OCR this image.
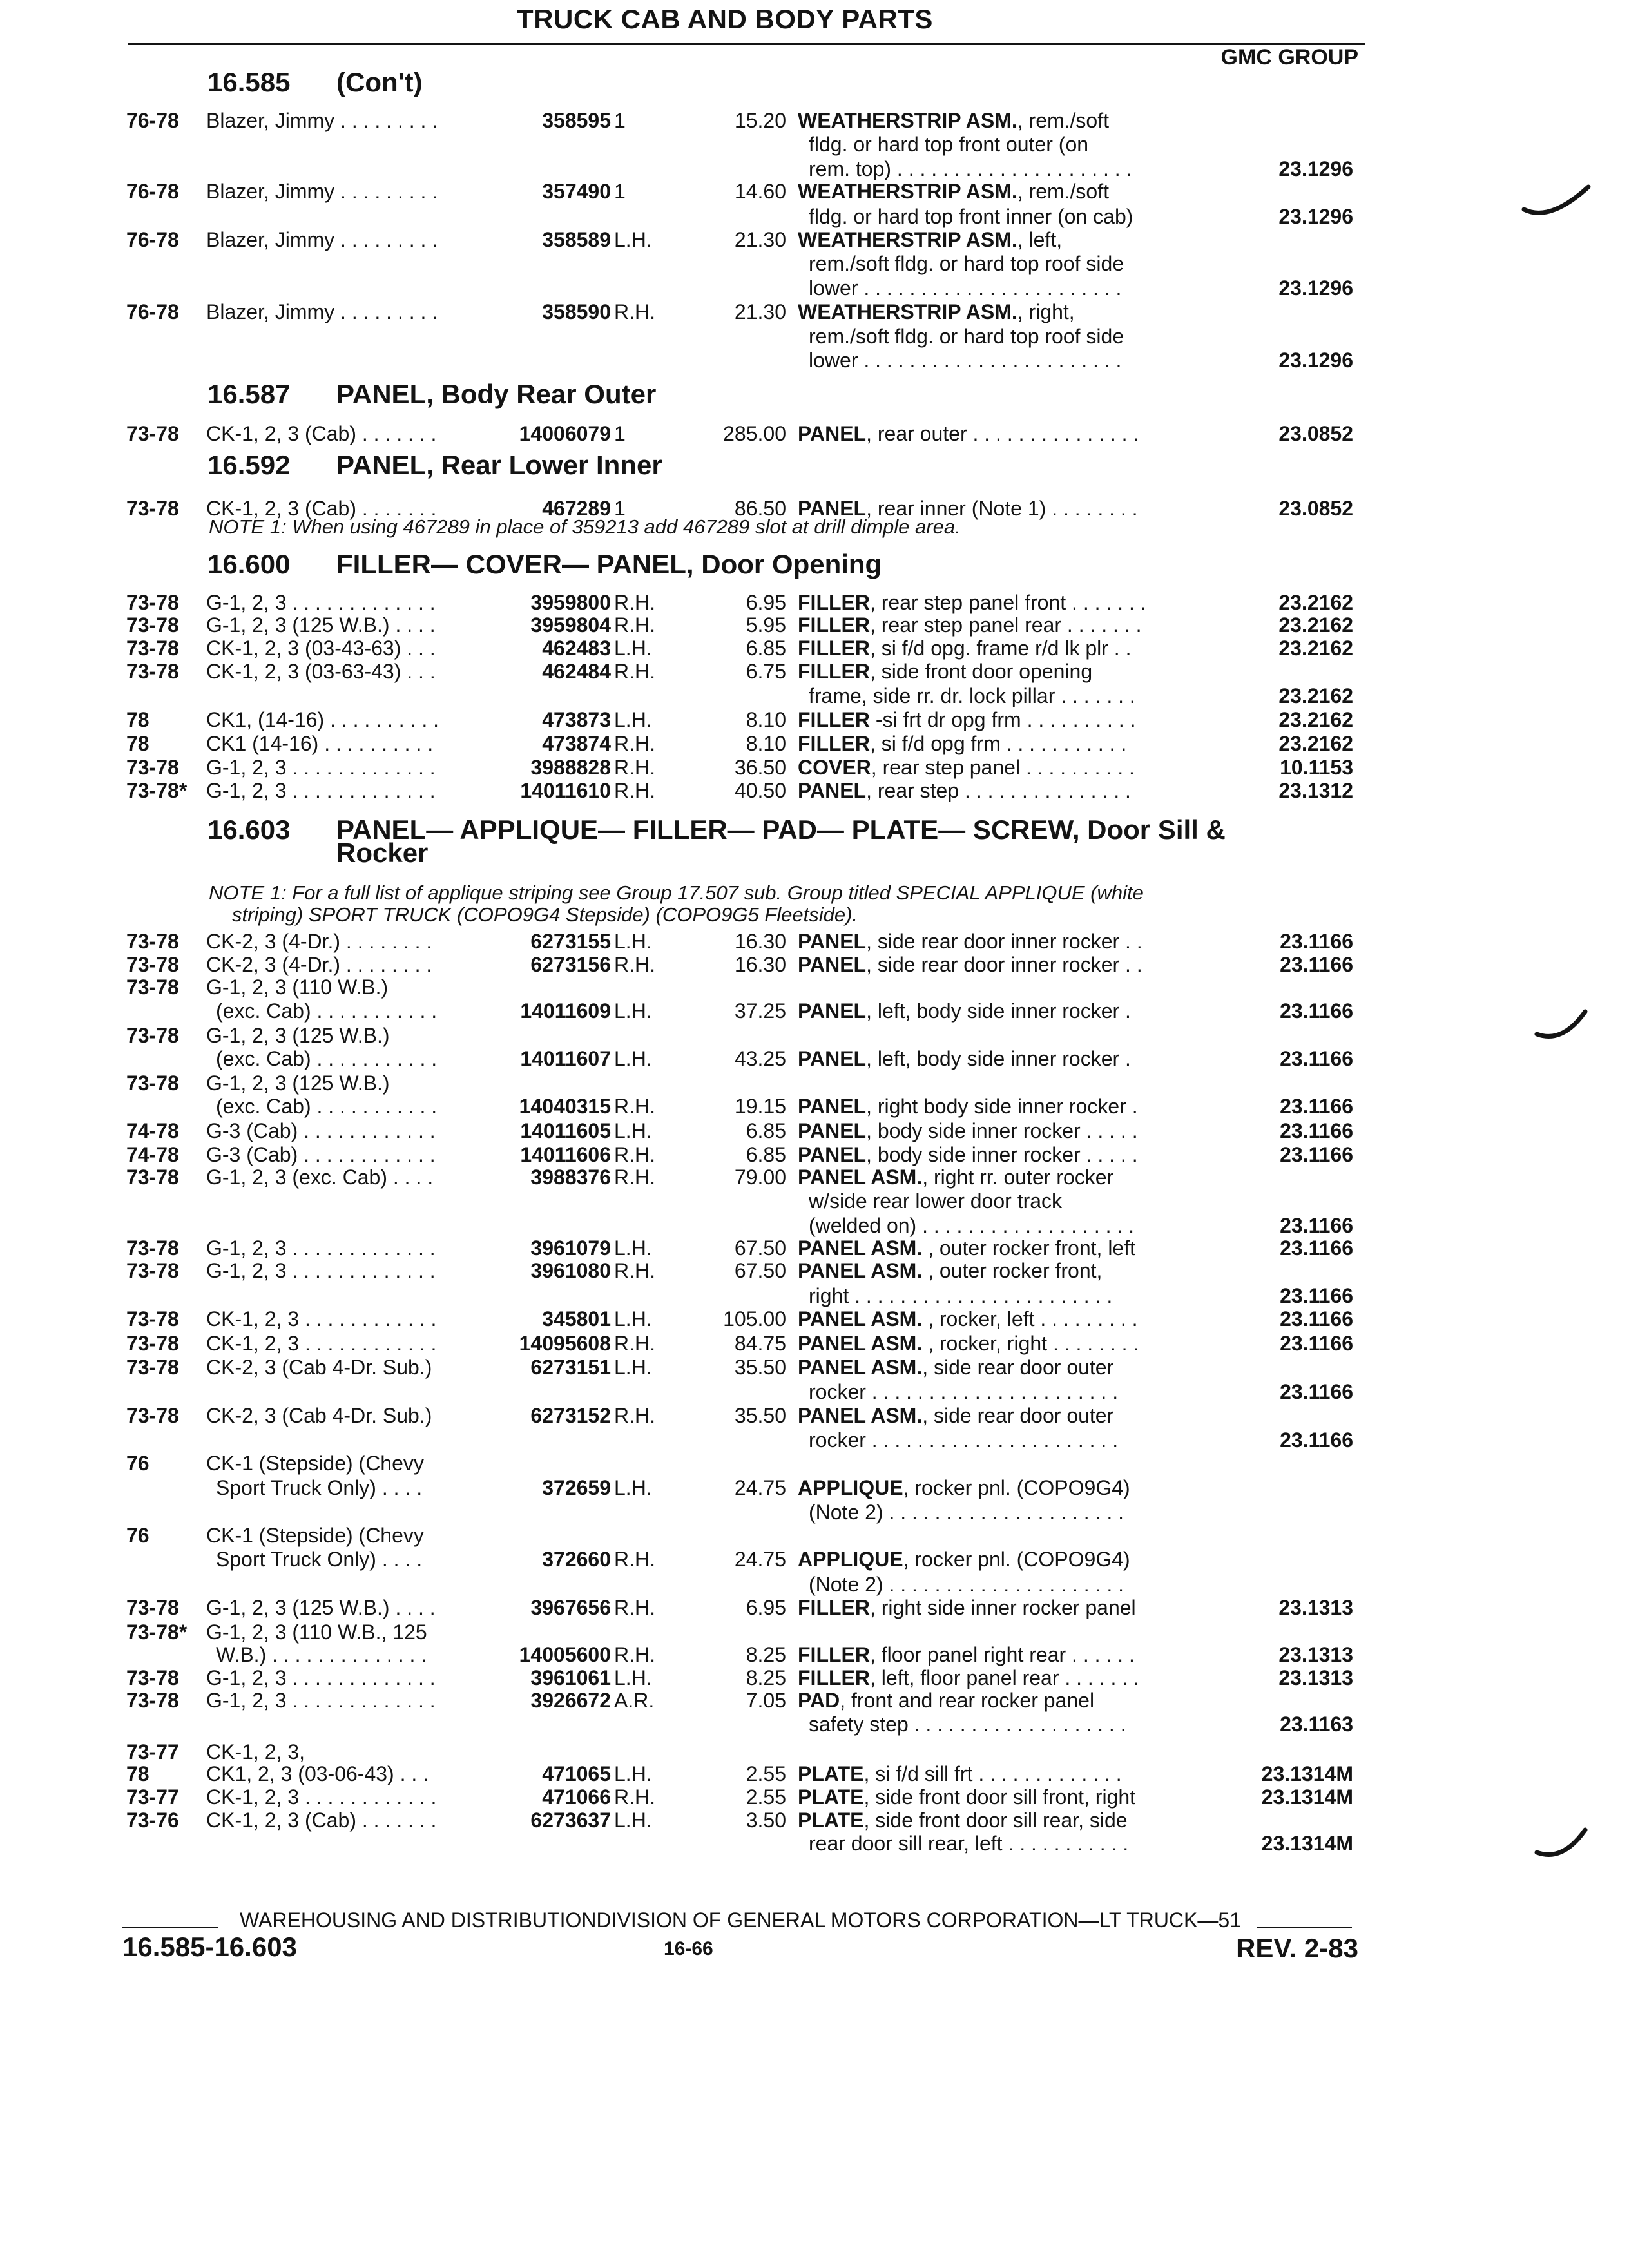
TRUCK CAB AND BODY PARTS
GMC GROUP
16.585 (Con't)
16.587 PANEL, Body Rear Outer
16.592 PANEL, Rear Lower Inner
NOTE 1: When using 467289 in place of 359213 add 467289 slot at drill dimple area.
16.600 FILLER— COVER— PANEL, Door Opening
16.603 PANEL— APPLIQUE— FILLER— PAD— PLATE— SCREW, Door Sill &
Rocker
NOTE 1: For a full list of applique striping see Group 17.507 sub. Group titled SPECIAL APPLIQUE (white
striping) SPORT TRUCK (COPO9G4 Stepside) (COPO9G5 Fleetside).
76-78 Blazer, Jimmy . . . . . . . . .	358595 1	15.20 WEATHERSTRIP ASM., rem./soft
fldg. or hard top front outer (on
rem. top) . . . . . . . . . . . . . . . . . . . . .	23.1296
76-78 Blazer, Jimmy . . . . . . . . .	357490 1	14.60 WEATHERSTRIP ASM., rem./soft
fldg. or hard top front inner (on cab)	23.1296
76-78 Blazer, Jimmy . . . . . . . . .	358589 L.H.	21.30 WEATHERSTRIP ASM., left,
rem./soft fldg. or hard top roof side
lower . . . . . . . . . . . . . . . . . . . . . . .	23.1296
76-78 Blazer, Jimmy . . . . . . . . .	358590 R.H.	21.30 WEATHERSTRIP ASM., right,
rem./soft fldg. or hard top roof side
lower . . . . . . . . . . . . . . . . . . . . . . .	23.1296
73-78 CK-1, 2, 3 (Cab) . . . . . . .	14006079 1	285.00 PANEL, rear outer . . . . . . . . . . . . . . .	23.0852
73-78 CK-1, 2, 3 (Cab) . . . . . . .	467289 1	86.50 PANEL, rear inner (Note 1) . . . . . . . .	23.0852
73-78 G-1, 2, 3 . . . . . . . . . . . . .	3959800 R.H.	6.95 FILLER, rear step panel front . . . . . . .	23.2162
73-78 G-1, 2, 3 (125 W.B.) . . . .	3959804 R.H.	5.95 FILLER, rear step panel rear . . . . . . .	23.2162
73-78 CK-1, 2, 3 (03-43-63) . . .	462483 L.H.	6.85 FILLER, si f/d opg. frame r/d lk plr . .	23.2162
73-78 CK-1, 2, 3 (03-63-43) . . .	462484 R.H.	6.75 FILLER, side front door opening
frame, side rr. dr. lock pillar . . . . . . .	23.2162
78	CK1, (14-16) . . . . . . . . . .	473873 L.H.	8.10 FILLER -si frt dr opg frm . . . . . . . . . .	23.2162
78	CK1 (14-16) . . . . . . . . . .	473874 R.H.	8.10 FILLER, si f/d opg frm . . . . . . . . . . .	23.2162
73-78 G-1, 2, 3 . . . . . . . . . . . . .	3988828 R.H.	36.50 COVER, rear step panel . . . . . . . . . .	10.1153
73-78* G-1, 2, 3 . . . . . . . . . . . . .	14011610 R.H.	40.50 PANEL, rear step . . . . . . . . . . . . . . .	23.1312
73-78 CK-2, 3 (4-Dr.) . . . . . . . .	6273155 L.H.	16.30 PANEL, side rear door inner rocker . .	23.1166
73-78 CK-2, 3 (4-Dr.) . . . . . . . .	6273156 R.H.	16.30 PANEL, side rear door inner rocker . .	23.1166
73-78 G-1, 2, 3 (110 W.B.)
(exc. Cab) . . . . . . . . . . .	14011609 L.H.	37.25 PANEL, left, body side inner rocker .	23.1166
73-78 G-1, 2, 3 (125 W.B.)
(exc. Cab) . . . . . . . . . . .	14011607 L.H.	43.25 PANEL, left, body side inner rocker .	23.1166
73-78 G-1, 2, 3 (125 W.B.)
(exc. Cab) . . . . . . . . . . .	14040315 R.H.	19.15 PANEL, right body side inner rocker .	23.1166
74-78 G-3 (Cab) . . . . . . . . . . . .	14011605 L.H.	6.85 PANEL, body side inner rocker . . . . .	23.1166
74-78 G-3 (Cab) . . . . . . . . . . . .	14011606 R.H.	6.85 PANEL, body side inner rocker . . . . .	23.1166
73-78 G-1, 2, 3 (exc. Cab) . . . .	3988376 R.H.	79.00 PANEL ASM., right rr. outer rocker
w/side rear lower door track
(welded on) . . . . . . . . . . . . . . . . . . .	23.1166
73-78 G-1, 2, 3 . . . . . . . . . . . . .	3961079 L.H.	67.50 PANEL ASM. , outer rocker front, left	23.1166
73-78 G-1, 2, 3 . . . . . . . . . . . . .	3961080 R.H.	67.50 PANEL ASM. , outer rocker front,
right . . . . . . . . . . . . . . . . . . . . . . .	23.1166
73-78 CK-1, 2, 3 . . . . . . . . . . . .	345801 L.H.	105.00 PANEL ASM. , rocker, left . . . . . . . . .	23.1166
73-78 CK-1, 2, 3 . . . . . . . . . . . .	14095608 R.H.	84.75 PANEL ASM. , rocker, right . . . . . . . .	23.1166
73-78 CK-2, 3 (Cab 4-Dr. Sub.)	6273151 L.H.	35.50 PANEL ASM., side rear door outer
rocker . . . . . . . . . . . . . . . . . . . . . .	23.1166
73-78 CK-2, 3 (Cab 4-Dr. Sub.)	6273152 R.H.	35.50 PANEL ASM., side rear door outer
rocker . . . . . . . . . . . . . . . . . . . . . .	23.1166
76	CK-1 (Stepside) (Chevy
Sport Truck Only) . . . .	372659 L.H.	24.75 APPLIQUE, rocker pnl. (COPO9G4)
(Note 2) . . . . . . . . . . . . . . . . . . . . .
76	CK-1 (Stepside) (Chevy
Sport Truck Only) . . . .	372660 R.H.	24.75 APPLIQUE, rocker pnl. (COPO9G4)
(Note 2) . . . . . . . . . . . . . . . . . . . . .
73-78 G-1, 2, 3 (125 W.B.) . . . .	3967656 R.H.	6.95 FILLER, right side inner rocker panel	23.1313
73-78* G-1, 2, 3 (110 W.B., 125
W.B.) . . . . . . . . . . . . . .	14005600 R.H.	8.25 FILLER, floor panel right rear . . . . . .	23.1313
73-78 G-1, 2, 3 . . . . . . . . . . . . .	3961061 L.H.	8.25 FILLER, left, floor panel rear . . . . . . .	23.1313
73-78 G-1, 2, 3 . . . . . . . . . . . . .	3926672 A.R.	7.05 PAD, front and rear rocker panel
safety step . . . . . . . . . . . . . . . . . . .	23.1163
73-77 CK-1, 2, 3,
78	CK1, 2, 3 (03-06-43) . . .	471065 L.H.	2.55 PLATE, si f/d sill frt . . . . . . . . . . . . .	23.1314M
73-77 CK-1, 2, 3 . . . . . . . . . . . .	471066 R.H.	2.55 PLATE, side front door sill front, right	23.1314M
73-76 CK-1, 2, 3 (Cab) . . . . . . .	6273637 L.H.	3.50 PLATE, side front door sill rear, side
rear door sill rear, left . . . . . . . . . . .	23.1314M
WAREHOUSING AND DISTRIBUTIONDIVISION OF GENERAL MOTORS CORPORATION—LT TRUCK—51
16.585-16.603	16-66	REV. 2-83
